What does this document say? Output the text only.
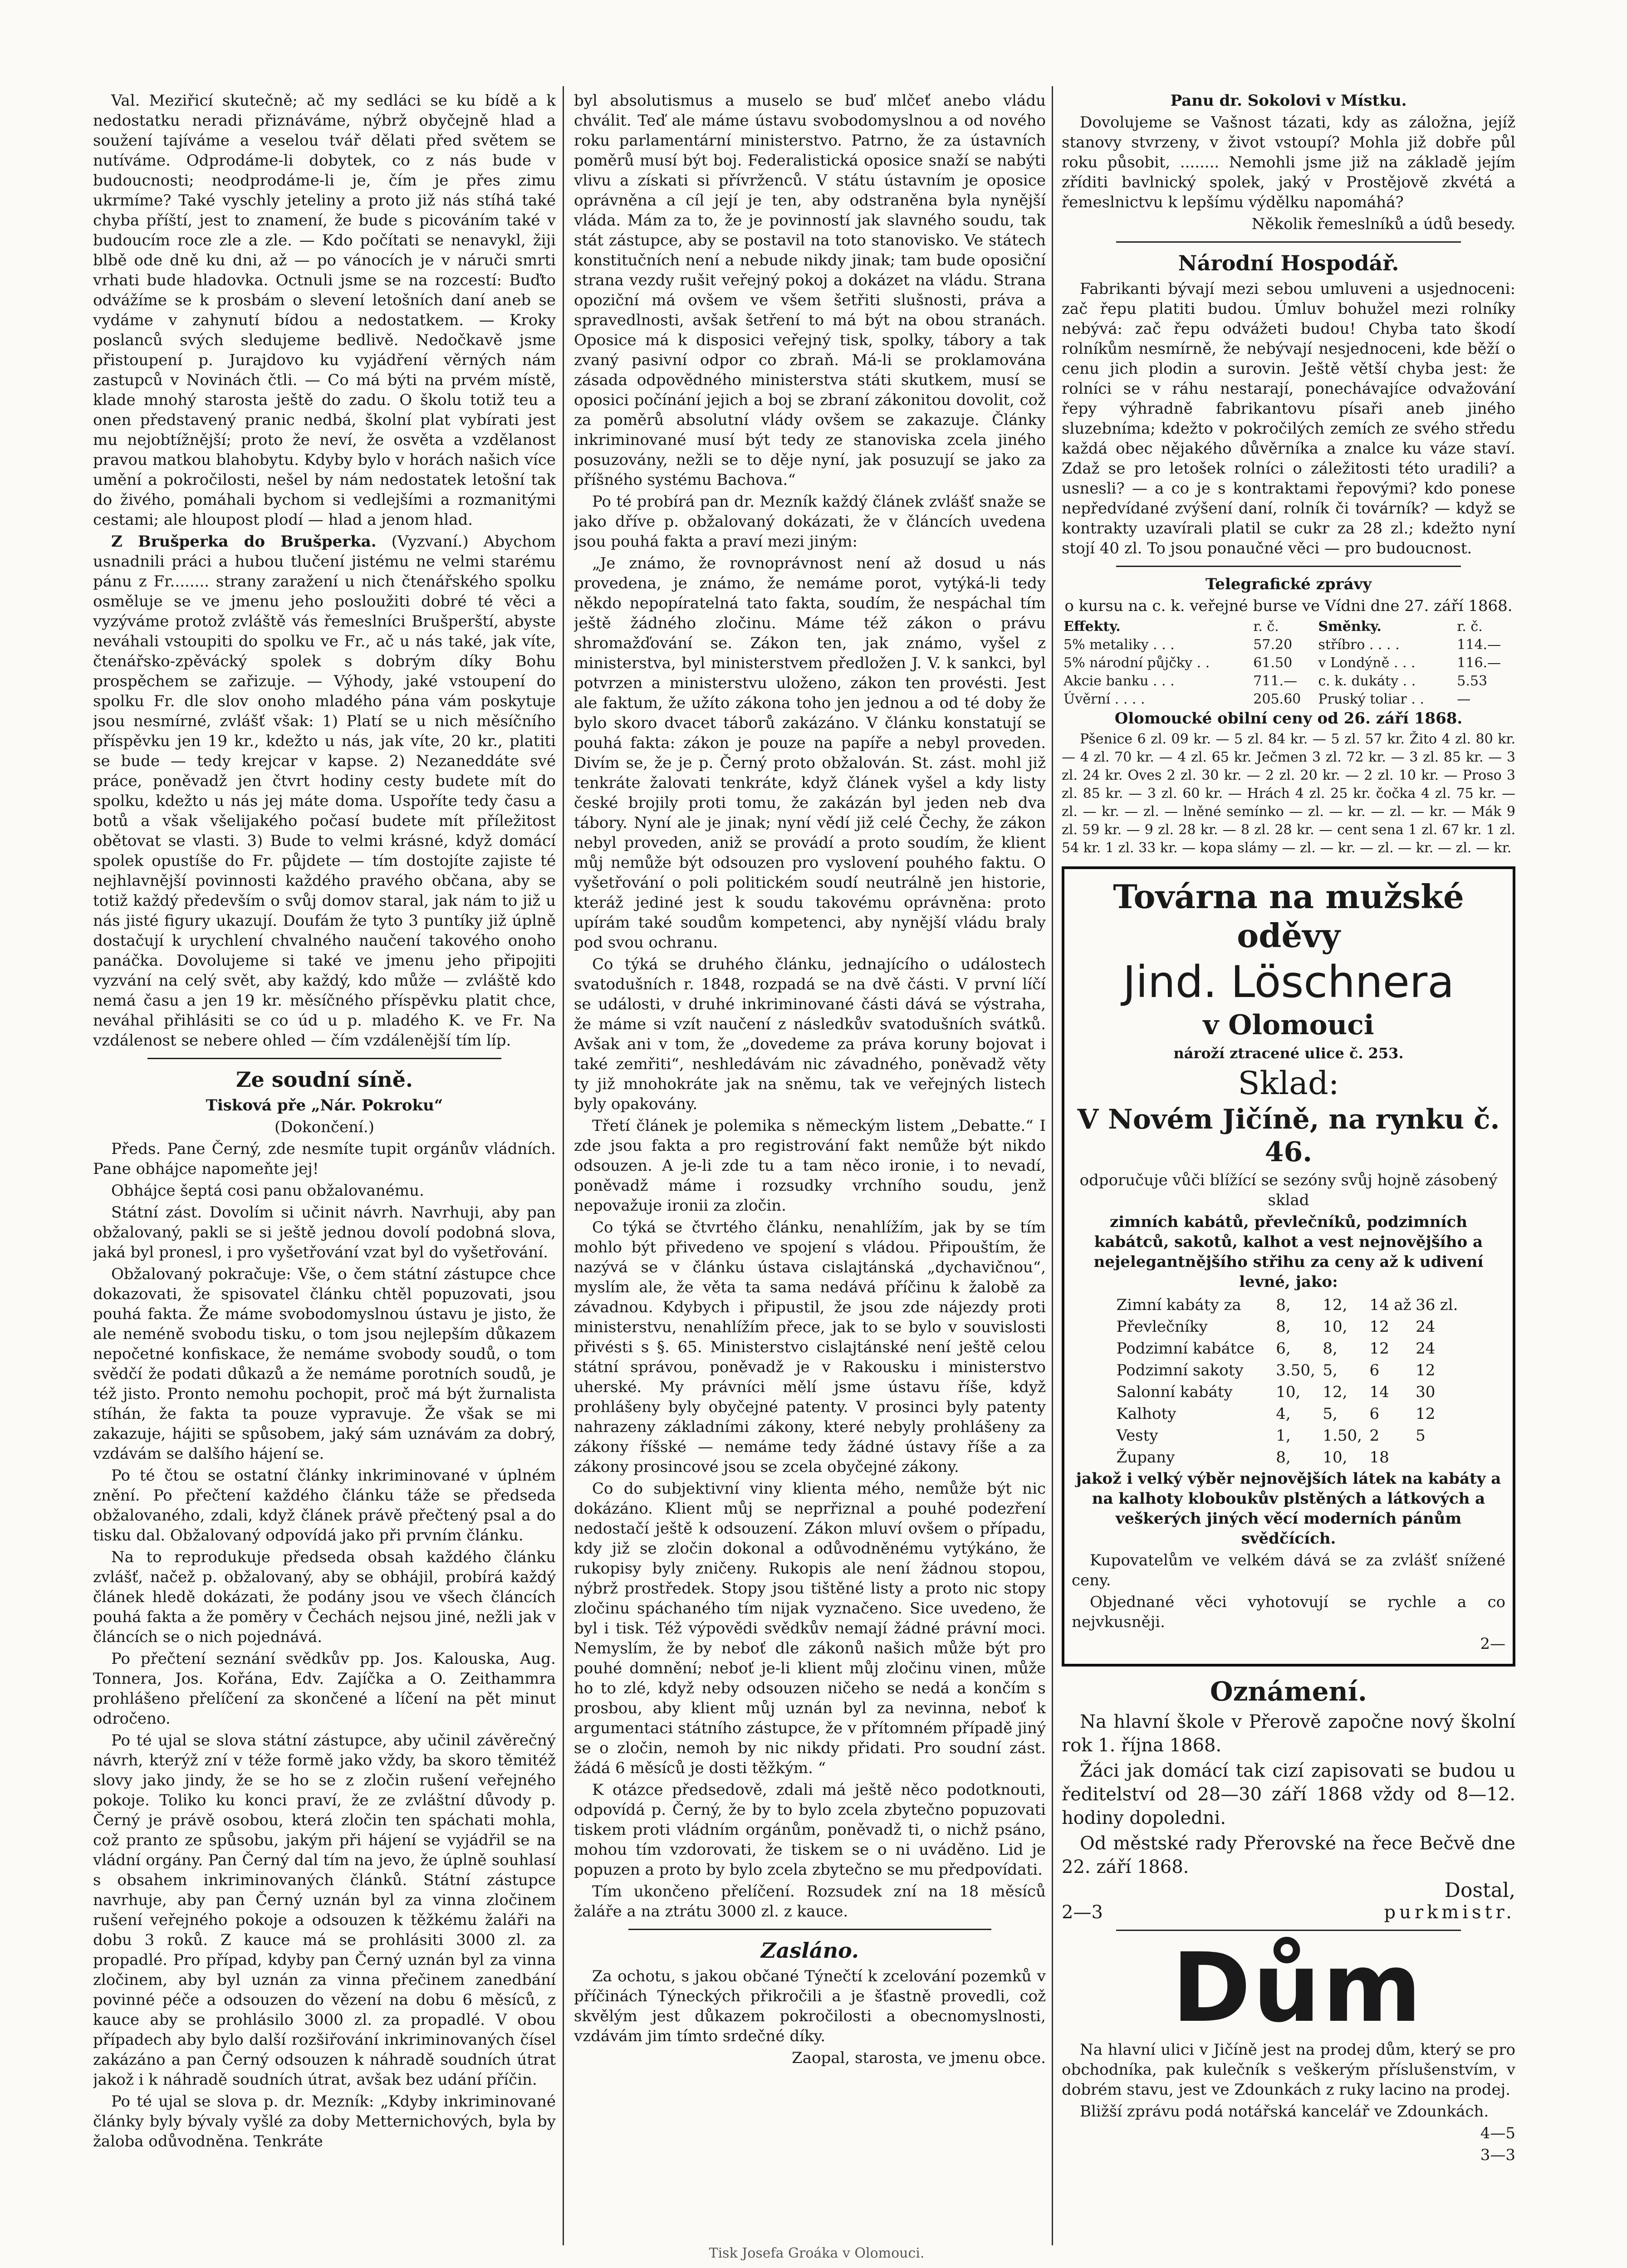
Val. Meziřicí skutečně; ač my sedláci se ku bídě a k nedostatku neradi přiznáváme, nýbrž obyčejně hlad a soužení tajíváme a veselou tvář dělati před světem se nutíváme. Odprodáme-li dobytek, co z nás bude v budoucnosti; neodprodáme-li je, čím je přes zimu ukrmíme? Také vyschly jeteliny a proto již nás stíhá také chyba příští, jest to znamení, že bude s picováním také v budoucím roce zle a zle. — Kdo počítati se nenavykl, žiji blbě ode dně ku dni, až — po vánocích je v náruči smrti vrhati bude hladovka. Octnuli jsme se na rozcestí: Buďto odvážíme se k prosbám o slevení letošních daní aneb se vydáme v zahynutí bídou a nedostatkem. — Kroky poslanců svých sledujeme bedlivě. Nedočkavě jsme přistoupení p. Jurajdovo ku vyjádření věrných nám zastupců v Novinách čtli. — Co má býti na prvém místě, klade mnohý starosta ještě do zadu. O školu totiž teu a onen představený pranic nedbá, školní plat vybírati jest mu nejobtížnější; proto že neví, že osvěta a vzdělanost pravou matkou blahobytu. Kdyby bylo v horách našich více umění a pokročilosti, nešel by nám nedostatek letošní tak do živého, pomáhali bychom si vedlejšími a rozmanitými cestami; ale hloupost plodí — hlad a jenom hlad.

Z Brušperka do Brušperka. (Vyzvaní.) Abychom usnadnili práci a hubou tlučení jistému ne velmi starému pánu z Fr........ strany zaražení u nich čtenářského spolku osměluje se ve jmenu jeho posloužiti dobré té věci a vyzýváme protož zvláště vás řemeslníci Brušperští, abyste neváhali vstoupiti do spolku ve Fr., ač u nás také, jak víte, čtenářsko-zpěvácký spolek s dobrým díky Bohu prospěchem se zařizuje. — Výhody, jaké vstoupení do spolku Fr. dle slov onoho mladého pána vám poskytuje jsou nesmírné, zvlášť však: 1) Platí se u nich měsíčního příspěvku jen 19 kr., kdežto u nás, jak víte, 20 kr., platiti se bude — tedy krejcar v kapse. 2) Nezaneddáte své práce, poněvadž jen čtvrt hodiny cesty budete mít do spolku, kdežto u nás jej máte doma. Uspoříte tedy času a botů a však všelijakého počasí budete mít příležitost obětovat se vlasti. 3) Bude to velmi krásné, když domácí spolek opustíše do Fr. půjdete — tím dostojíte zajiste té nejhlavnější povinnosti každého pravého občana, aby se totiž každý především o svůj domov staral, jak nám to již u nás jisté figury ukazují. Doufám že tyto 3 puntíky již úplně dostačují k urychlení chvalného naučení takového onoho panáčka. Dovolujeme si také ve jmenu jeho připojiti vyzvání na celý svět, aby každý, kdo může — zvláště kdo nemá času a jen 19 kr. měsíčného příspěvku platit chce, neváhal přihlásiti se co úd u p. mladého K. ve Fr. Na vzdálenost se nebere ohled — čím vzdálenější tím líp.

Ze soudní síně.

Tisková pře „Nár. Pokroku“

(Dokončení.)

Předs. Pane Černý, zde nesmíte tupit orgánův vládních. Pane obhájce napomeňte jej!

Obhájce šeptá cosi panu obžalovanému.

Státní zást. Dovolím si učinit návrh. Navrhuji, aby pan obžalovaný, pakli se si ještě jednou dovolí podobná slova, jaká byl pronesl, i pro vyšetřování vzat byl do vyšetřování.

Obžalovaný pokračuje: Vše, o čem státní zástupce chce dokazovati, že spisovatel článku chtěl popuzovati, jsou pouhá fakta. Že máme svobodomyslnou ústavu je jisto, že ale neméně svobodu tisku, o tom jsou nejlepším důkazem nepočetné konfiskace, že nemáme svobody soudů, o tom svědčí že podati důkazů a že nemáme porotních soudů, je též jisto. Pronto nemohu pochopit, proč má být žurnalista stíhán, že fakta ta pouze vypravuje. Že však se mi zakazuje, hájiti se spůsobem, jaký sám uznávám za dobrý, vzdávám se dalšího hájení se.

Po té čtou se ostatní články inkriminované v úplném znění. Po přečtení každého článku táže se předseda obžalovaného, zdali, když článek právě přečtený psal a do tisku dal. Obžalovaný odpovídá jako při prvním článku.

Na to reprodukuje předseda obsah každého článku zvlášť, načež p. obžalovaný, aby se obhájil, probírá každý článek hledě dokázati, že podány jsou ve všech článcích pouhá fakta a že poměry v Čechách nejsou jiné, nežli jak v článcích se o nich pojednává.

Po přečtení seznání svědkův pp. Jos. Kalouska, Aug. Tonnera, Jos. Kořána, Edv. Zajíčka a O. Zeithammra prohlášeno přelíčení za skončené a líčení na pět minut odročeno.

Po té ujal se slova státní zástupce, aby učinil závěrečný návrh, kterýž zní v téže formě jako vždy, ba skoro těmitéž slovy jako jindy, že se ho se z zločin rušení veřejného pokoje. Toliko ku konci praví, že ze zvláštní důvody p. Černý je právě osobou, která zločin ten spáchati mohla, což pranto ze spůsobu, jakým při hájení se vyjádřil se na vládní orgány. Pan Černý dal tím na jevo, že úplně souhlasí s obsahem inkriminovaných článků. Státní zástupce navrhuje, aby pan Černý uznán byl za vinna zločinem rušení veřejného pokoje a odsouzen k těžkému žaláři na dobu 3 roků. Z kauce má se prohlásiti 3000 zl. za propadlé. Pro případ, kdyby pan Černý uznán byl za vinna zločinem, aby byl uznán za vinna přečinem zanedbání povinné péče a odsouzen do vězení na dobu 6 měsíců, z kauce aby se prohlásilo 3000 zl. za propadlé. V obou případech aby bylo další rozšiřování inkriminovaných čísel zakázáno a pan Černý odsouzen k náhradě soudních útrat jakož i k náhradě soudních útrat, avšak bez udání příčin.

Po té ujal se slova p. dr. Mezník: „Kdyby inkriminované články byly bývaly vyšlé za doby Metternichových, byla by žaloba odůvodněna. Tenkráte

byl absolutismus a muselo se buď mlčeť anebo vládu chválit. Teď ale máme ústavu svobodomyslnou a od nového roku parlamentární ministerstvo. Patrno, že za ústavních poměrů musí být boj. Federalistická oposice snaží se nabýti vlivu a získati si přívrženců. V státu ústavním je oposice oprávněna a cíl její je ten, aby odstraněna byla nynější vláda. Mám za to, že je povinností jak slavného soudu, tak stát zástupce, aby se postavil na toto stanovisko. Ve státech konstitučních není a nebude nikdy jinak; tam bude oposiční strana vezdy rušit veřejný pokoj a dokázet na vládu. Strana opoziční má ovšem ve všem šetřiti slušnosti, práva a spravedlnosti, avšak šetření to má být na obou stranách. Oposice má k disposici veřejný tisk, spolky, tábory a tak zvaný pasivní odpor co zbraň. Má-li se proklamována zásada odpovědného ministerstva státi skutkem, musí se oposici počínání jejich a boj se zbraní zákonitou dovolit, což za poměrů absolutní vlády ovšem se zakazuje. Články inkriminované musí být tedy ze stanoviska zcela jiného posuzovány, nežli se to děje nyní, jak posuzují se jako za příšného systému Bachova.“

Po té probírá pan dr. Mezník každý článek zvlášť snaže se jako dříve p. obžalovaný dokázati, že v článcích uvedena jsou pouhá fakta a praví mezi jiným:

„Je známo, že rovnoprávnost není až dosud u nás provedena, je známo, že nemáme porot, vytýká-li tedy někdo nepopíratelná tato fakta, soudím, že nespáchal tím ještě žádného zločinu. Máme též zákon o právu shromažďování se. Zákon ten, jak známo, vyšel z ministerstva, byl ministerstvem předložen J. V. k sankci, byl potvrzen a ministerstvu uloženo, zákon ten provésti. Jest ale faktum, že užíto zákona toho jen jednou a od té doby že bylo skoro dvacet táborů zakázáno. V článku konstatují se pouhá fakta: zákon je pouze na papíře a nebyl proveden. Divím se, že je p. Černý proto obžalován. St. zást. mohl již tenkráte žalovati tenkráte, když článek vyšel a kdy listy české brojily proti tomu, že zakázán byl jeden neb dva tábory. Nyní ale je jinak; nyní vědí již celé Čechy, že zákon nebyl proveden, aniž se provádí a proto soudím, že klient můj nemůže být odsouzen pro vyslovení pouhého faktu. O vyšetřování o poli politickém soudí neutrálně jen historie, kteráž jediné jest k soudu takovému oprávněna: proto upírám také soudům kompetenci, aby nynější vládu braly pod svou ochranu.

Co týká se druhého článku, jednajícího o událostech svatodušních r. 1848, rozpadá se na dvě části. V první líčí se události, v druhé inkriminované části dává se výstraha, že máme si vzít naučení z následkův svatodušních svátků. Avšak ani v tom, že „dovedeme za práva koruny bojovat i také zemřiti“, neshledávám nic závadného, poněvadž věty ty již mnohokráte jak na sněmu, tak ve veřejných listech byly opakovány.

Třetí článek je polemika s německým listem „Debatte.“ I zde jsou fakta a pro registrování fakt nemůže být nikdo odsouzen. A je-li zde tu a tam něco ironie, i to nevadí, poněvadž máme i rozsudky vrchního soudu, jenž nepovažuje ironii za zločin.

Co týká se čtvrtého článku, nenahlížím, jak by se tím mohlo být přivedeno ve spojení s vládou. Připouštím, že nazývá se v článku ústava cislajtánská „dychavičnou“, myslím ale, že věta ta sama nedává příčinu k žalobě za závadnou. Kdybych i připustil, že jsou zde nájezdy proti ministerstvu, nenahlížím přece, jak to se bylo v souvislosti přivésti s §. 65. Ministerstvo cislajtánské není ještě celou státní správou, poněvadž je v Rakousku i ministerstvo uherské. My právníci mělí jsme ústavu říše, když prohlášeny byly obyčejné patenty. V prosinci byly patenty nahrazeny základními zákony, které nebyly prohlášeny za zákony říšské — nemáme tedy žádné ústavy říše a za zákony prosincové jsou se zcela obyčejné zákony.

Co do subjektivní viny klienta mého, nemůže být nic dokázáno. Klient můj se neprřiznal a pouhé podezření nedostačí ještě k odsouzení. Zákon mluví ovšem o případu, kdy již se zločin dokonal a odůvodněnému vytýkáno, že rukopisy byly zničeny. Rukopis ale není žádnou stopou, nýbrž prostředek. Stopy jsou tištěné listy a proto nic stopy zločinu spáchaného tím nijak vyznačeno. Sice uvedeno, že byl i tisk. Též výpovědi svědkův nemají žádné právní moci. Nemyslím, že by neboť dle zákonů našich může být pro pouhé domnění; neboť je-li klient můj zločinu vinen, může ho to zlé, když neby odsouzen ničeho se nedá a končím s prosbou, aby klient můj uznán byl za nevinna, neboť k argumentaci státního zástupce, že v přítomném případě jiný se o zločin, nemoh by nic nikdy přidati. Pro soudní zást. žádá 6 měsíců je dosti těžkým. “

K otázce předsedově, zdali má ještě něco podotknouti, odpovídá p. Černý, že by to bylo zcela zbytečno popuzovati tiskem proti vládním orgánům, poněvadž ti, o nichž psáno, mohou tím vzdorovati, že tiskem se o ni uváděno. Lid je popuzen a proto by bylo zcela zbytečno se mu předpovídati.

Tím ukončeno přelíčení. Rozsudek zní na 18 měsíců žaláře a na ztrátu 3000 zl. z kauce.

Zasláno.

Za ochotu, s jakou občané Týnečtí k zcelování pozemků v příčinách Týneckých přikročili a je šťastně provedli, což skvělým jest důkazem pokročilosti a obecnomyslnosti, vzdávám jim tímto srdečné díky.

Zaopal, starosta, ve jmenu obce.

Panu dr. Sokolovi v Místku.

Dovolujeme se Vašnost tázati, kdy as záložna, jejíž stanovy stvrzeny, v život vstoupí? Mohla již dobře půl roku působit, ........ Nemohli jsme již na základě jejím zříditi bavlnický spolek, jaký v Prostějově zkvétá a řemeslnictvu k lepšímu výdělku napomáhá?

Několik řemeslníků a údů besedy.

Národní Hospodář.

Fabrikanti bývají mezi sebou umluveni a usjednoceni: zač řepu platiti budou. Úmluv bohužel mezi rolníky nebývá: zač řepu odvážeti budou! Chyba tato škodí rolníkům nesmírně, že nebývají nesjednoceni, kde běží o cenu jich plodin a surovin. Ještě větší chyba jest: že rolníci se v ráhu nestarají, ponechávajíce odvažování řepy výhradně fabrikantovu písaři aneb jiného sluzebníma; kdežto v pokročilých zemích ze svého středu každá obec nějakého důvěrníka a znalce ku váze staví. Zdaž se pro letošek rolníci o záležitosti této uradili? a usnesli? — a co je s kontraktami řepovými? kdo ponese nepředvídané zvýšení daní, rolník či továrník? — když se kontrakty uzavírali platil se cukr za 28 zl.; kdežto nyní stojí 40 zl. To jsou ponaučné věci — pro budoucnost.

Telegrafické zprávy

o kursu na c. k. veřejné burse ve Vídni dne 27. září 1868.

Effekty.	r. č.	Směnky.	r. č.
5% metaliky . . .	57.20	stříbro . . . .	114.—
5% národní půjčky . .	61.50	v Londýně . . .	116.—
Akcie banku . . .	711.—	c. k. dukáty . .	5.53
Úvěrní . . . .	205.60	Pruský toliar . .	—

Olomoucké obilní ceny od 26. září 1868.

Pšenice 6 zl. 09 kr. — 5 zl. 84 kr. — 5 zl. 57 kr. Žito 4 zl. 80 kr. — 4 zl. 70 kr. — 4 zl. 65 kr. Ječmen 3 zl. 72 kr. — 3 zl. 85 kr. — 3 zl. 24 kr. Oves 2 zl. 30 kr. — 2 zl. 20 kr. — 2 zl. 10 kr. — Proso 3 zl. 85 kr. — 3 zl. 60 kr. — Hrách 4 zl. 25 kr. čočka 4 zl. 75 kr. — zl. — kr. — zl. — lněné semínko — zl. — kr. — zl. — kr. — Mák 9 zl. 59 kr. — 9 zl. 28 kr. — 8 zl. 28 kr. — cent sena 1 zl. 67 kr. 1 zl. 54 kr. 1 zl. 33 kr. — kopa slámy — zl. — kr. — zl. — kr. — zl. — kr.

Továrna na mužské oděvy

Jind. Löschnera

v Olomouci

nároží ztracené ulice č. 253.

Sklad:

V Novém Jičíně, na rynku č. 46.

odporučuje vůči blížící se sezóny svůj hojně zásobený sklad

zimních kabátů, převlečníků, podzimních kabátců, sakotů, kalhot a vest nejnovějšího a nejelegantnějšího střihu za ceny až k udivení levné, jako:

Zimní kabáty za	8,	12,	14	až	36	zl.
Převlečníky	8,	10,	12		24	
Podzimní kabátce	6,	8,	12		24	
Podzimní sakoty	3.50,	5,	6		12	
Salonní kabáty	10,	12,	14		30	
Kalhoty	4,	5,	6		12	
Vesty	1,	1.50,	2		5	
Župany	8,	10,	18			

jakož i velký výběr nejnovějších látek na kabáty a na kalhoty kloboukův plstěných a látkových a veškerých jiných věcí moderních pánům svědčících.

Kupovatelům ve velkém dává se za zvlášť snížené ceny.

Objednané věci vyhotovují se rychle a co nejvkusněji.

2—

Oznámení.

Na hlavní škole v Přerově započne nový školní rok 1. října 1868.

Žáci jak domácí tak cizí zapisovati se budou u ředitelství od 28—30 září 1868 vždy od 8—12. hodiny dopoledni.

Od městské rady Přerovské na řece Bečvě dne 22. září 1868.

Dostal,

2—3	purkmistr.

Dům

Na hlavní ulici v Jičíně jest na prodej dům, který se pro obchodníka, pak kulečník s veškerým příslušenstvím, v dobrém stavu, jest ve Zdounkách z ruky lacino na prodej.

Bližší zprávu podá notářská kancelář ve Zdounkách.

4—5

3—3

Tisk Josefa Groáka v Olomouci.
